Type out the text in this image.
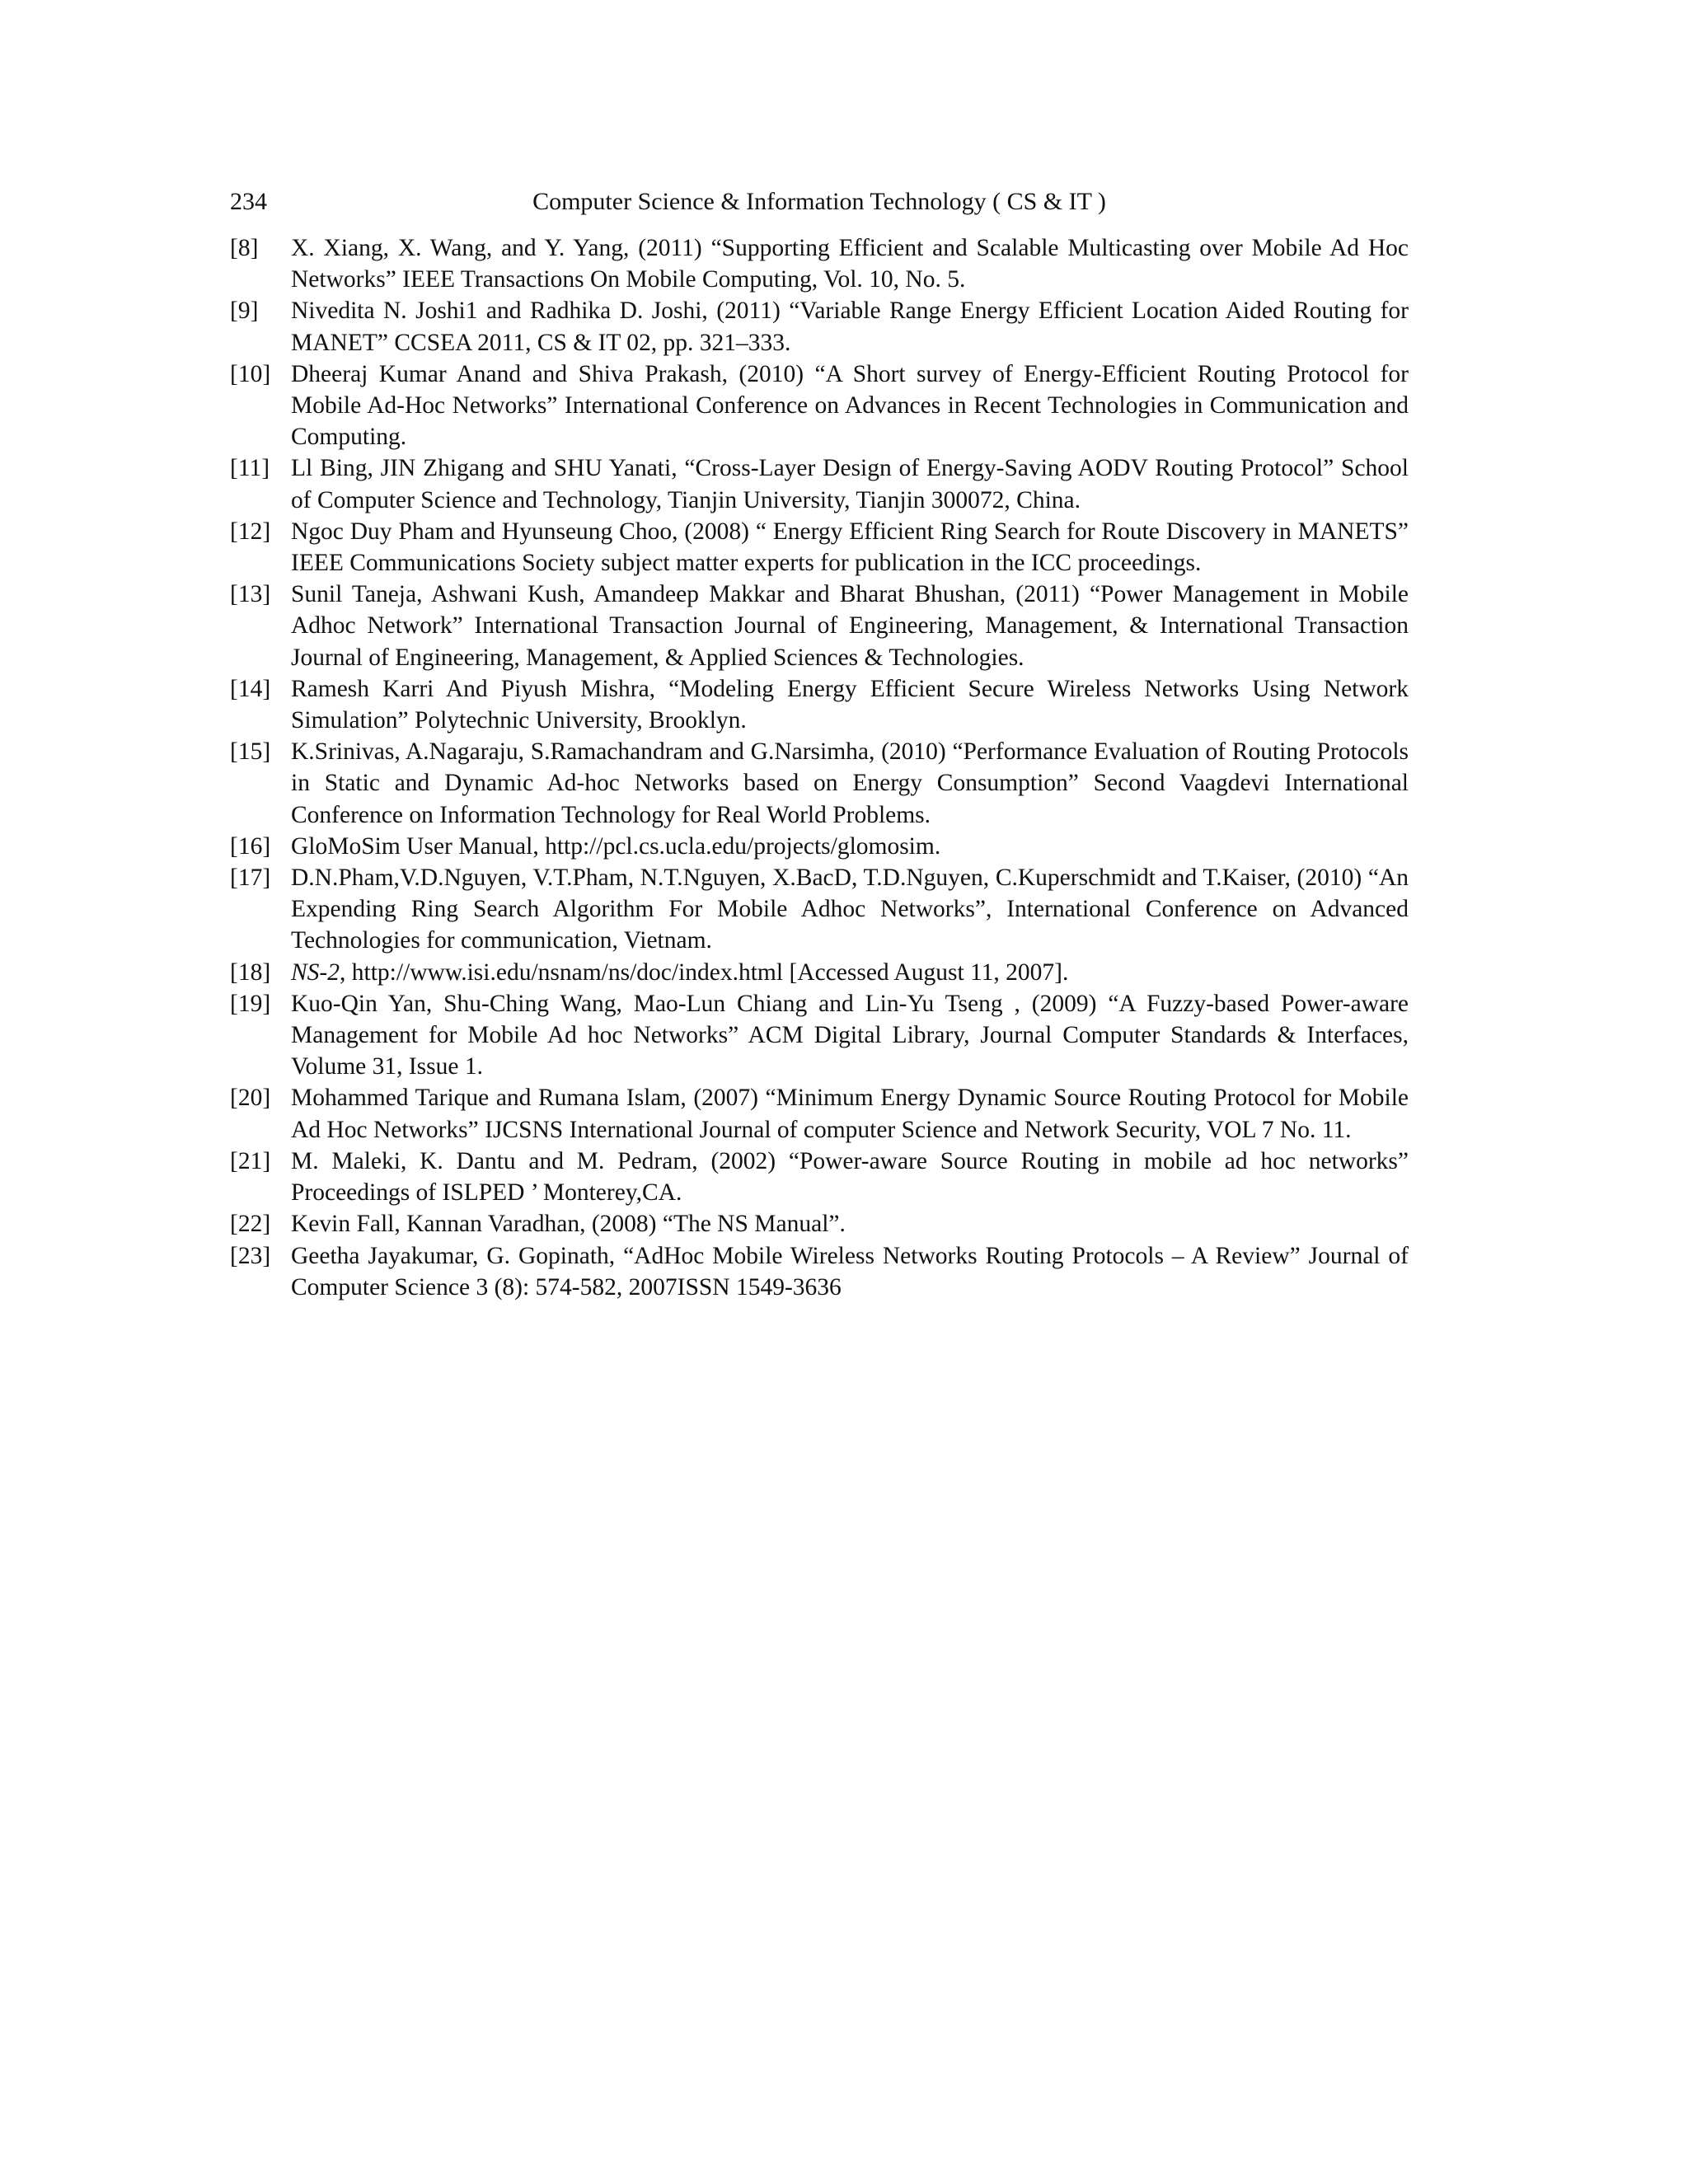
234	Computer Science & Information Technology ( CS & IT )
[8]	X. Xiang, X. Wang, and Y. Yang, (2011) “Supporting Efficient and Scalable Multicasting over Mobile Ad Hoc Networks” IEEE Transactions On Mobile Computing, Vol. 10, No. 5.
[9]	Nivedita N. Joshi1 and Radhika D. Joshi, (2011) “Variable Range Energy Efficient Location Aided Routing for MANET” CCSEA 2011, CS & IT 02, pp. 321–333.
[10] Dheeraj Kumar Anand and Shiva Prakash, (2010) “A Short survey of Energy-Efficient Routing Protocol for Mobile Ad-Hoc Networks” International Conference on Advances in Recent Technologies in Communication and Computing.
[11] Ll Bing, JIN Zhigang and SHU Yanati, “Cross-Layer Design of Energy-Saving AODV Routing Protocol” School of Computer Science and Technology, Tianjin University, Tianjin 300072, China.
[12] Ngoc Duy Pham and Hyunseung Choo, (2008) “ Energy Efficient Ring Search for Route Discovery in MANETS” IEEE Communications Society subject matter experts for publication in the ICC proceedings.
[13] Sunil Taneja, Ashwani Kush, Amandeep Makkar and Bharat Bhushan, (2011) “Power Management in Mobile Adhoc Network” International Transaction Journal of Engineering, Management, & International Transaction Journal of Engineering, Management, & Applied Sciences & Technologies.
[14] Ramesh Karri And Piyush Mishra, “Modeling Energy Efficient Secure Wireless Networks Using Network Simulation” Polytechnic University, Brooklyn.
[15] K.Srinivas, A.Nagaraju, S.Ramachandram and G.Narsimha, (2010) “Performance Evaluation of Routing Protocols in Static and Dynamic Ad-hoc Networks based on Energy Consumption” Second Vaagdevi International Conference on Information Technology for Real World Problems.
[16] GloMoSim User Manual, http://pcl.cs.ucla.edu/projects/glomosim.
[17] D.N.Pham,V.D.Nguyen, V.T.Pham, N.T.Nguyen, X.BacD, T.D.Nguyen, C.Kuperschmidt and T.Kaiser, (2010) “An Expending Ring Search Algorithm For Mobile Adhoc Networks”, International Conference on Advanced Technologies for communication, Vietnam.
[18] NS-2, http://www.isi.edu/nsnam/ns/doc/index.html [Accessed August 11, 2007].
[19] Kuo-Qin Yan, Shu-Ching Wang, Mao-Lun Chiang and Lin-Yu Tseng , (2009) “A Fuzzy-based Power-aware Management for Mobile Ad hoc Networks” ACM Digital Library, Journal Computer Standards & Interfaces, Volume 31, Issue 1.
[20] Mohammed Tarique and Rumana Islam, (2007) “Minimum Energy Dynamic Source Routing Protocol for Mobile Ad Hoc Networks” IJCSNS International Journal of computer Science and Network Security, VOL 7 No. 11.
[21] M. Maleki, K. Dantu and M. Pedram, (2002) “Power-aware Source Routing in mobile ad hoc networks” Proceedings of ISLPED ’ Monterey,CA.
[22] Kevin Fall, Kannan Varadhan, (2008) “The NS Manual”.
[23] Geetha Jayakumar, G. Gopinath, “AdHoc Mobile Wireless Networks Routing Protocols – A Review” Journal of Computer Science 3 (8): 574-582, 2007ISSN 1549-3636
